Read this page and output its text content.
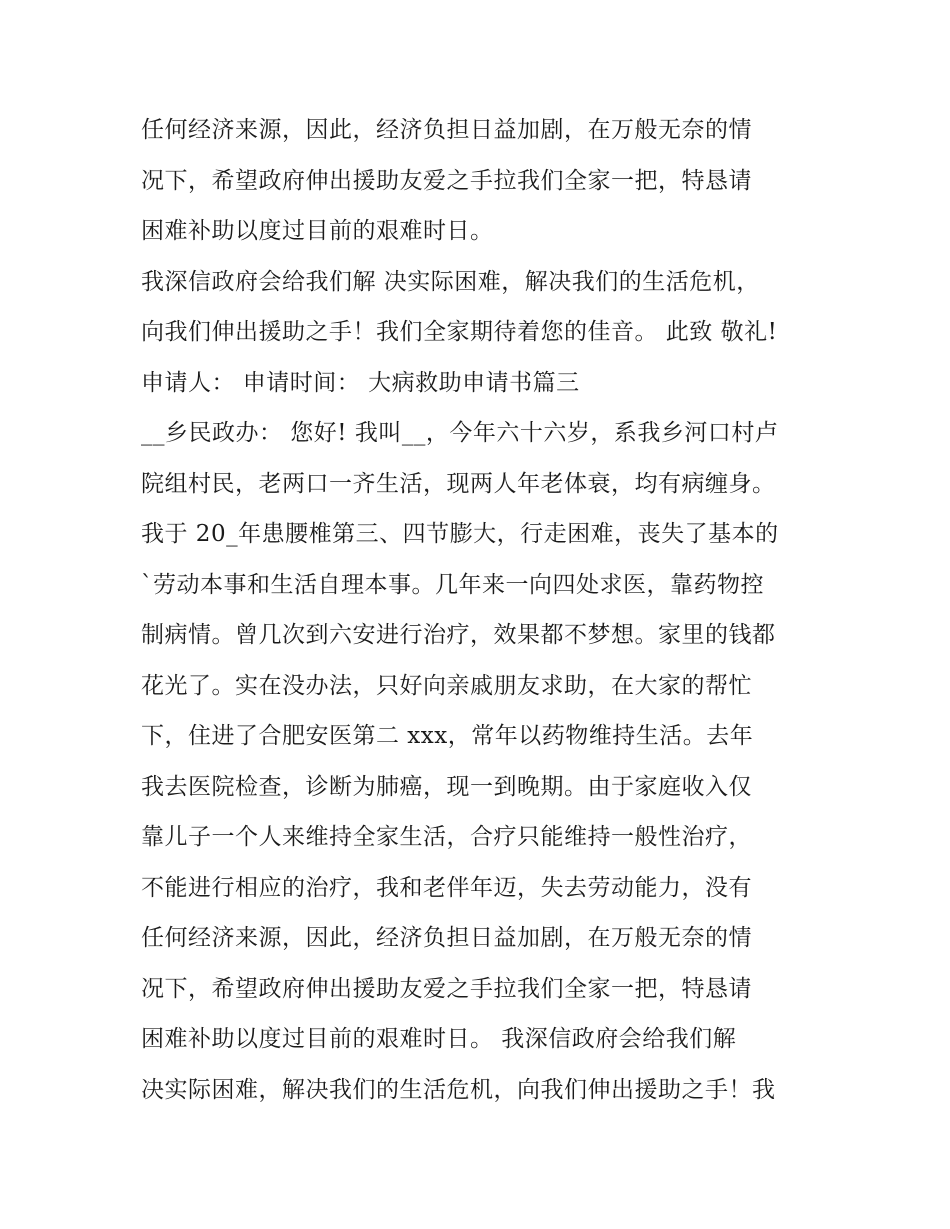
任何经济来源，因此，经济负担日益加剧，在万般无奈的情
况下，希望政府伸出援助友爱之手拉我们全家一把，特恳请
困难补助以度过目前的艰难时日。
我深信政府会给我们解 决实际困难，解决我们的生活危机，
向我们伸出援助之手！我们全家期待着您的佳音。 此致 敬礼!
申请人： 申请时间： 大病救助申请书篇三
__乡民政办： 您好! 我叫__，今年六十六岁，系我乡河口村卢
院组村民，老两口一齐生活，现两人年老体衰，均有病缠身。
我于 20_年患腰椎第三、四节膨大，行走困难，丧失了基本的
`劳动本事和生活自理本事。几年来一向四处求医，靠药物控
制病情。曾几次到六安进行治疗，效果都不梦想。家里的钱都
花光了。实在没办法，只好向亲戚朋友求助，在大家的帮忙
下，住进了合肥安医第二 xxx，常年以药物维持生活。去年
我去医院检查，诊断为肺癌，现一到晚期。由于家庭收入仅
靠儿子一个人来维持全家生活，合疗只能维持一般性治疗，
不能进行相应的治疗，我和老伴年迈，失去劳动能力，没有
任何经济来源，因此，经济负担日益加剧，在万般无奈的情
况下，希望政府伸出援助友爱之手拉我们全家一把，特恳请
困难补助以度过目前的艰难时日。 我深信政府会给我们解
决实际困难，解决我们的生活危机，向我们伸出援助之手！我
